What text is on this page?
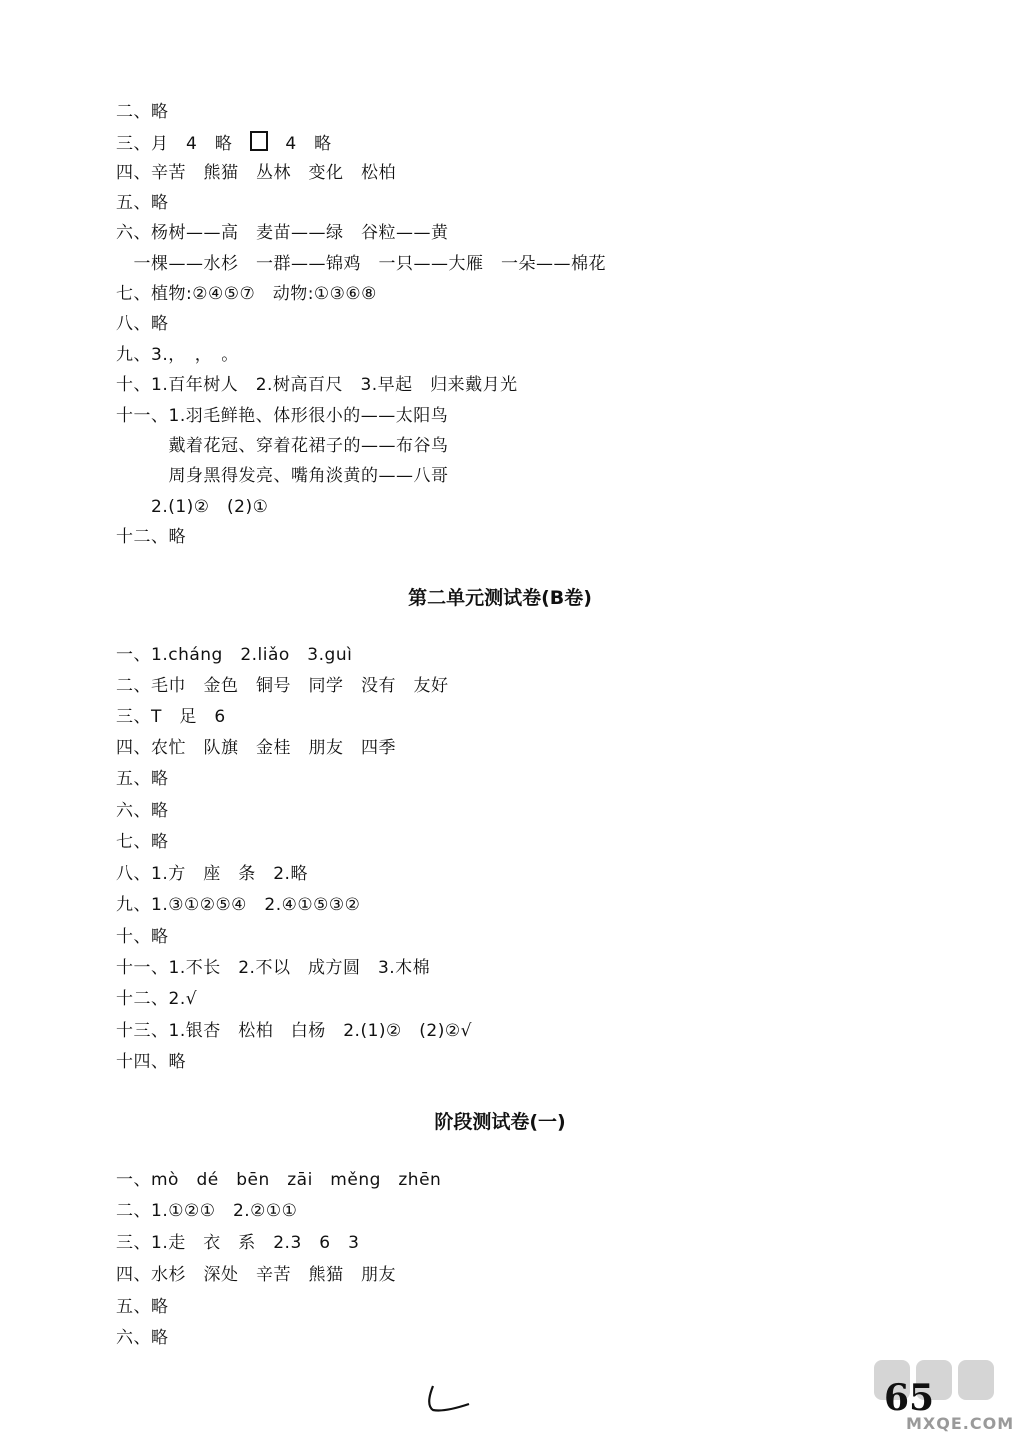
二、略
三、月　4　略　　4　略
四、辛苦　熊猫　丛林　变化　松柏
五、略
六、杨树——高　麦苗——绿　谷粒——黄
　一棵——水杉　一群——锦鸡　一只——大雁　一朵——棉花
七、植物:②④⑤⑦　动物:①③⑥⑧
八、略
九、3.，　，　。
十、1.百年树人　2.树高百尺　3.早起　归来戴月光
十一、1.羽毛鲜艳、体形很小的——太阳鸟
　　　戴着花冠、穿着花裙子的——布谷鸟
　　　周身黑得发亮、嘴角淡黄的——八哥
　　2.(1)②　(2)①
十二、略
第二单元测试卷(B卷)
一、1.cháng　2.liǎo　3.guì
二、毛巾　金色　铜号　同学　没有　友好
三、T　足　6
四、农忙　队旗　金桂　朋友　四季
五、略
六、略
七、略
八、1.方　座　条　2.略
九、1.③①②⑤④　2.④①⑤③②
十、略
十一、1.不长　2.不以　成方圆　3.木棉
十二、2.√
十三、1.银杏　松柏　白杨　2.(1)②　(2)②√
十四、略
阶段测试卷(一)
一、mò　dé　bēn　zāi　měng　zhēn
二、1.①②①　2.②①①
三、1.走　衣　系　2.3　6　3
四、水杉　深处　辛苦　熊猫　朋友
五、略
六、略
MXQE.COM
65
